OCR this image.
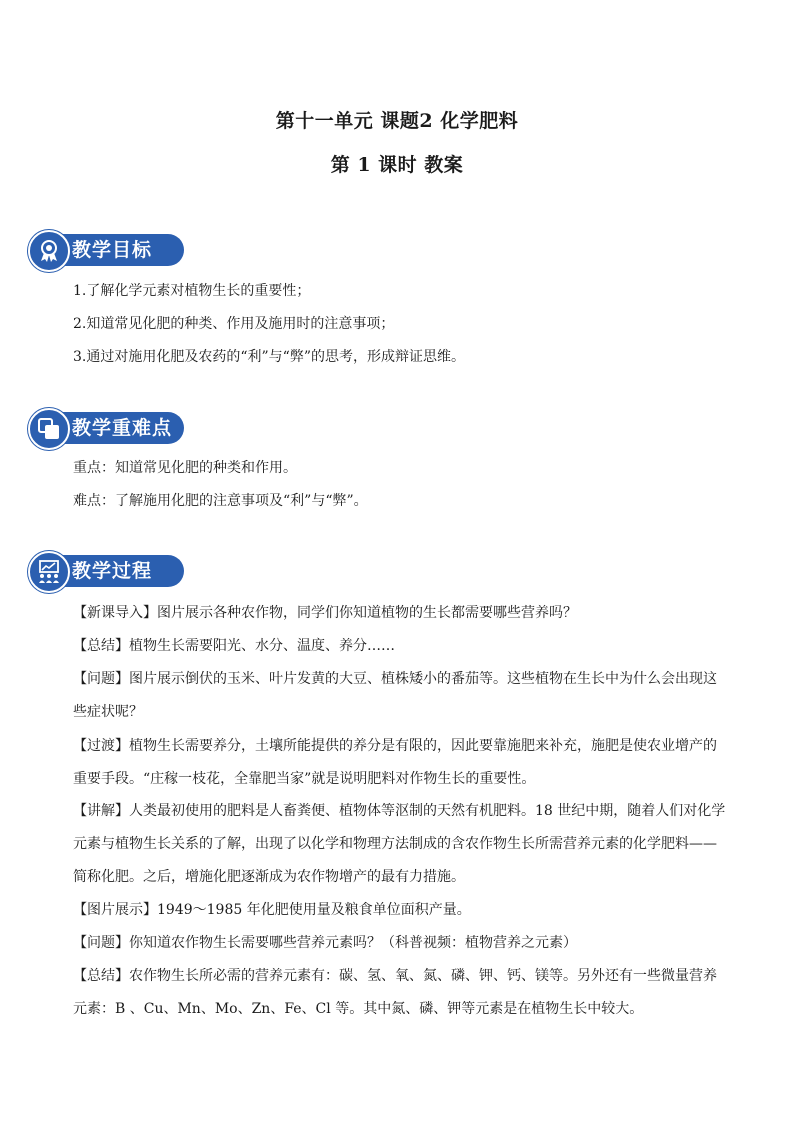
第十一单元 课题2 化学肥料
第 1 课时 教案
教学目标
1.了解化学元素对植物生长的重要性；
2.知道常见化肥的种类、作用及施用时的注意事项；
3.通过对施用化肥及农药的“利”与“弊”的思考，形成辩证思维。
教学重难点
重点：知道常见化肥的种类和作用。
难点：了解施用化肥的注意事项及“利”与“弊”。
教学过程
【新课导入】图片展示各种农作物，同学们你知道植物的生长都需要哪些营养吗？
【总结】植物生长需要阳光、水分、温度、养分……
【问题】图片展示倒伏的玉米、叶片发黄的大豆、植株矮小的番茄等。这些植物在生长中为什么会出现这
些症状呢？
【过渡】植物生长需要养分，土壤所能提供的养分是有限的，因此要靠施肥来补充，施肥是使农业增产的
重要手段。“庄稼一枝花，全靠肥当家”就是说明肥料对作物生长的重要性。
【讲解】人类最初使用的肥料是人畜粪便、植物体等沤制的天然有机肥料。18 世纪中期，随着人们对化学
元素与植物生长关系的了解，出现了以化学和物理方法制成的含农作物生长所需营养元素的化学肥料——
简称化肥。之后，增施化肥逐渐成为农作物增产的最有力措施。
【图片展示】1949～1985 年化肥使用量及粮食单位面积产量。
【问题】你知道农作物生长需要哪些营养元素吗？（科普视频：植物营养之元素）
【总结】农作物生长所必需的营养元素有：碳、氢、氧、氮、磷、钾、钙、镁等。另外还有一些微量营养
元素：B 、Cu、Mn、Mo、Zn、Fe、Cl 等。其中氮、磷、钾等元素是在植物生长中较大。
